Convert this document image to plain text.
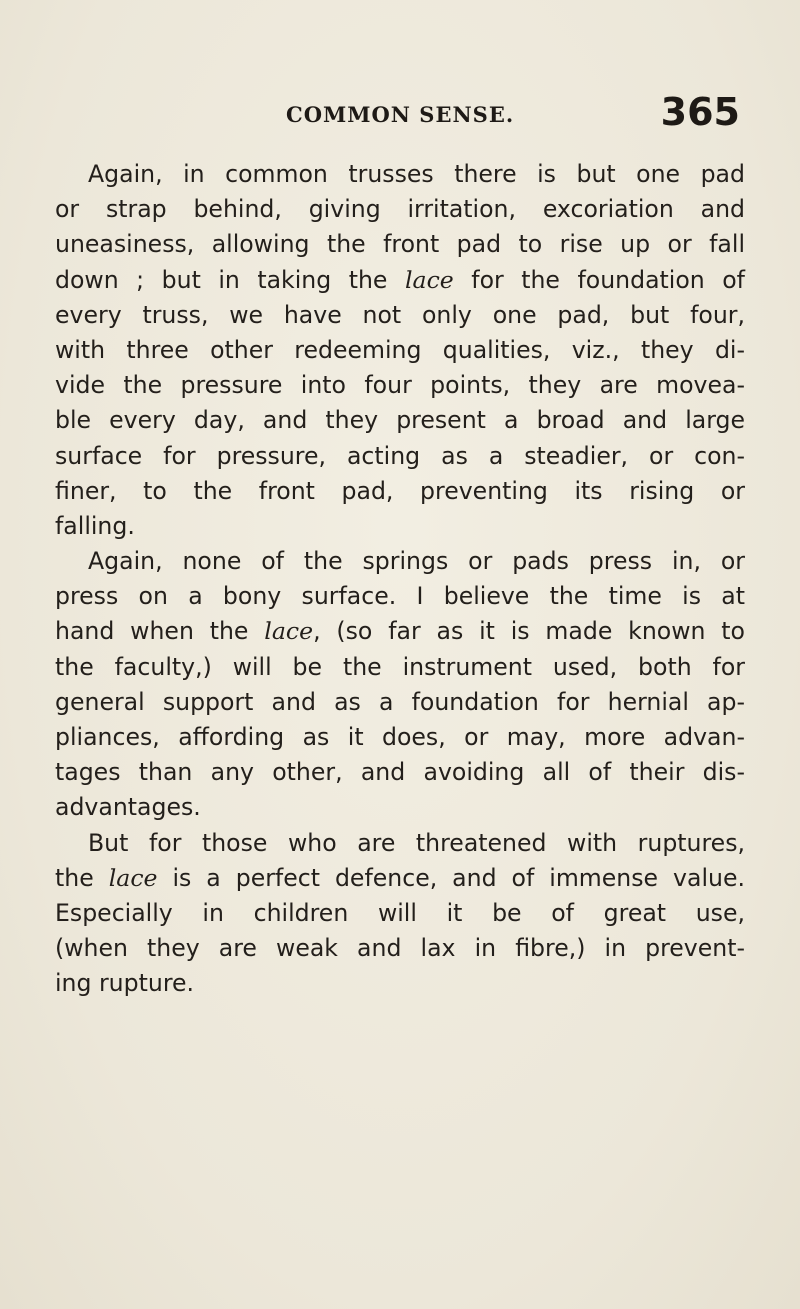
COMMON SENSE.	365
Again, in common trusses there is but one pad
or strap behind, giving irritation, excoriation and
uneasiness, allowing the front pad to rise up or fall
down ; but in taking the lace for the foundation of
every truss, we have not only one pad, but four,
with three other redeeming qualities, viz., they di-
vide the pressure into four points, they are movea-
ble every day, and they present a broad and large
surface for pressure, acting as a steadier, or con-
finer, to the front pad, preventing its rising or
falling.
Again, none of the springs or pads press in, or
press on a bony surface. I believe the time is at
hand when the lace, (so far as it is made known to
the faculty,) will be the instrument used, both for
general support and as a foundation for hernial ap-
pliances, affording as it does, or may, more advan-
tages than any other, and avoiding all of their dis-
advantages.
But for those who are threatened with ruptures,
the lace is a perfect defence, and of immense value.
Especially in children will it be of great use,
(when they are weak and lax in fibre,) in prevent-
ing rupture.
